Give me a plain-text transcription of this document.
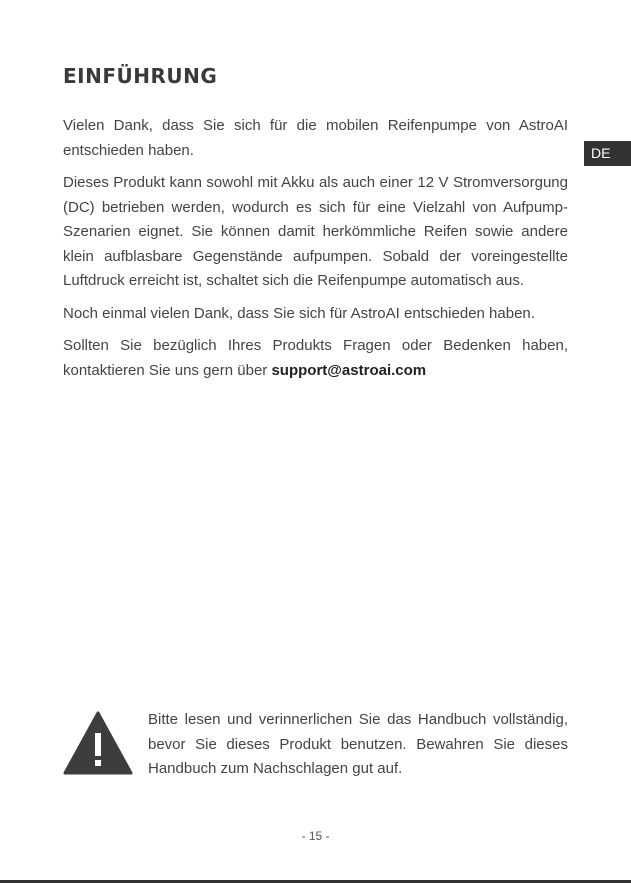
EINFÜHRUNG
DE

Vielen Dank, dass Sie sich für die mobilen Reifenpumpe von AstroAI entschieden haben.

Dieses Produkt kann sowohl mit Akku als auch einer 12 V Stromversorgung (DC) betrieben werden, wodurch es sich für eine Vielzahl von Aufpump-Szenarien eignet. Sie können damit herkömmliche Reifen sowie andere klein aufblasbare Gegenstände aufpumpen. Sobald der voreingestellte Luftdruck erreicht ist, schaltet sich die Reifenpumpe automatisch aus.

Noch einmal vielen Dank, dass Sie sich für AstroAI entschieden haben.

Sollten Sie bezüglich Ihres Produkts Fragen oder Bedenken haben, kontaktieren Sie uns gern über support@astroai.com

Bitte lesen und verinnerlichen Sie das Handbuch vollständig, bevor Sie dieses Produkt benutzen. Bewahren Sie dieses Handbuch zum Nachschlagen gut auf.
- 15 -
